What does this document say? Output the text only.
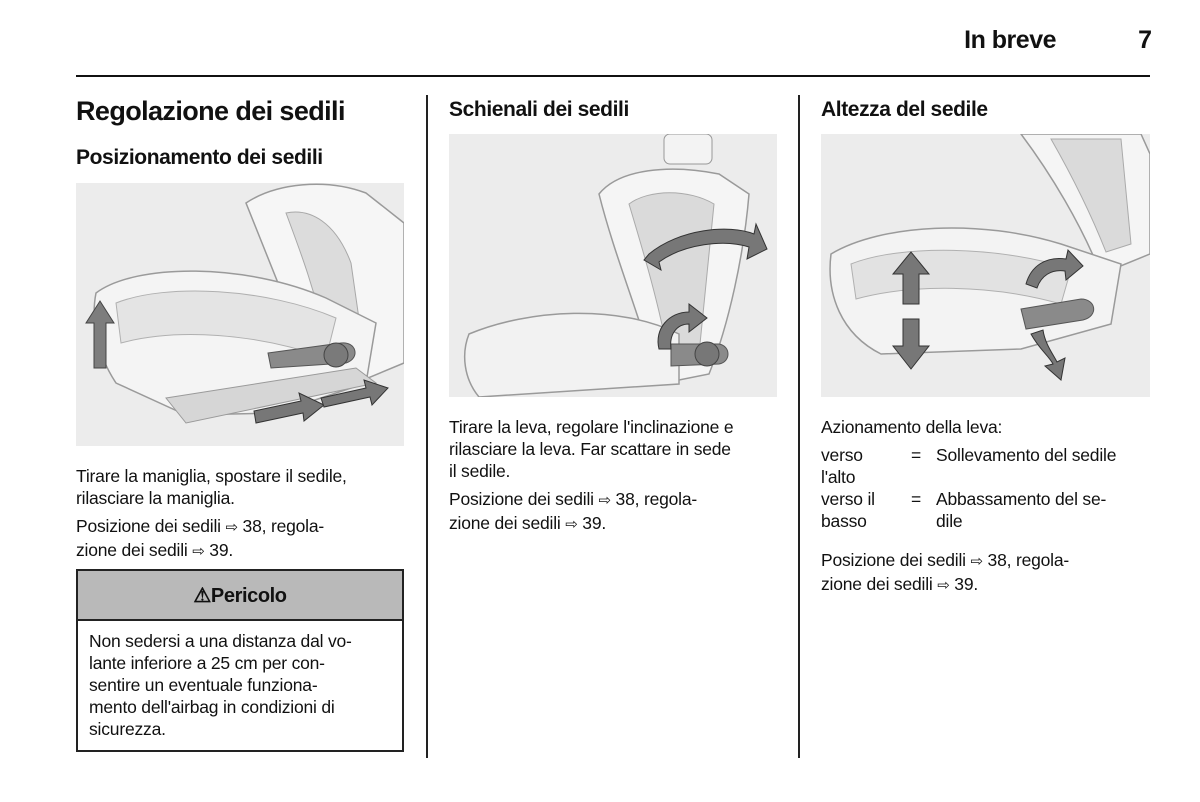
In breve	7
Regolazione dei sedili
Posizionamento dei sedili

Tirare la maniglia, spostare il sedile,

rilasciare la maniglia.

Posizione dei sedili ⇨ 38, regola-

zione dei sedili ⇨ 39.

⚠Pericolo
Non sedersi a una distanza dal vo-
lante inferiore a 25 cm per con-
sentire un eventuale funziona-
mento dell'airbag in condizioni di
sicurezza.
Schienali dei sedili

Tirare la leva, regolare l'inclinazione e

rilasciare la leva. Far scattare in sede

il sedile.

Posizione dei sedili ⇨ 38, regola-

zione dei sedili ⇨ 39.

Altezza del sedile
Azionamento della leva:
verso
l'alto
= Sollevamento del sedile
verso il
basso
= Abbassamento del se-
dile

Posizione dei sedili ⇨ 38, regola-

zione dei sedili ⇨ 39.
